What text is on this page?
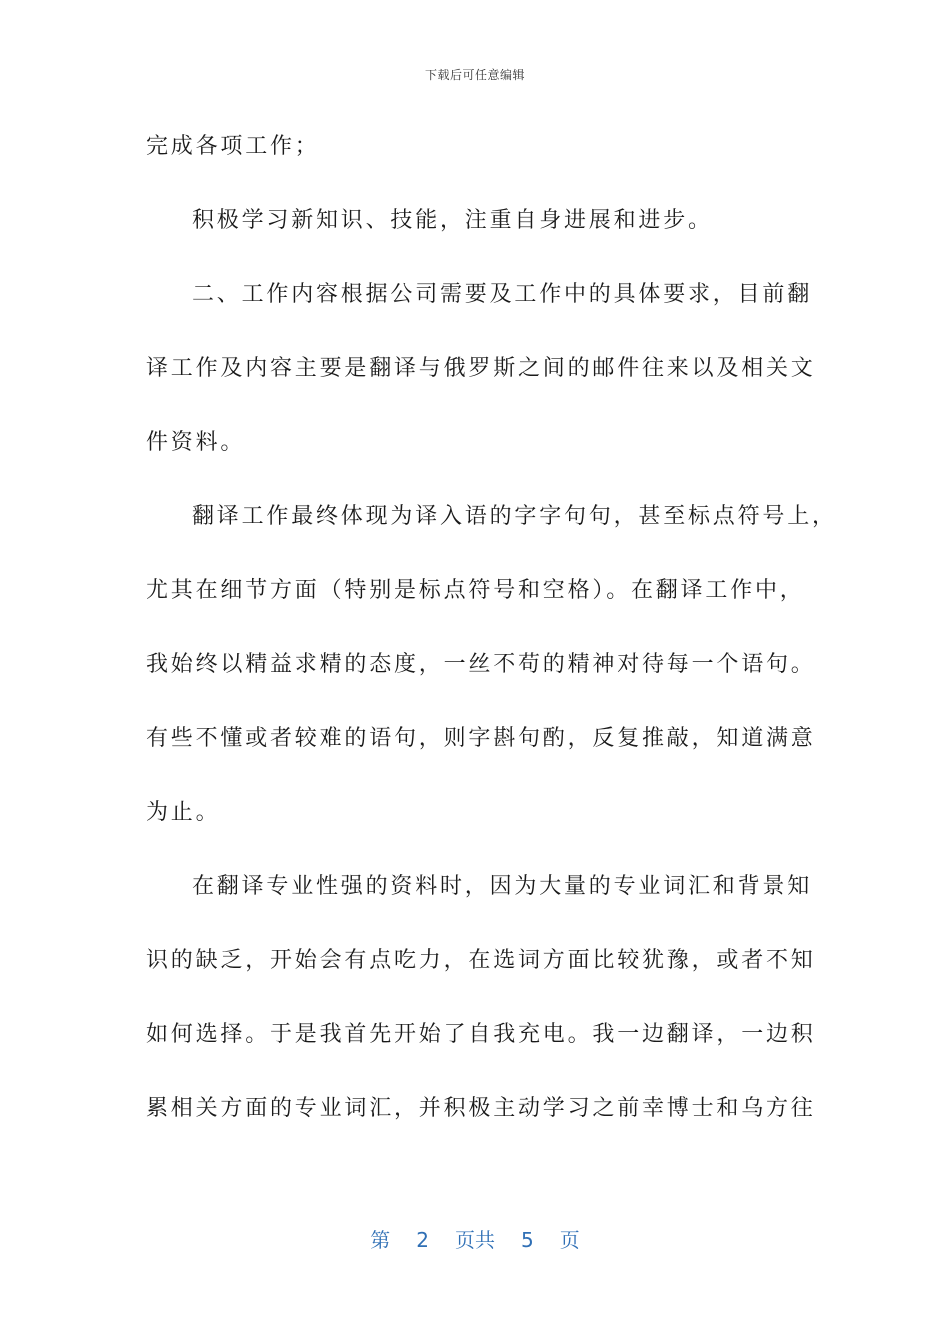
下载后可任意编辑
完成各项工作；
积极学习新知识、技能，注重自身进展和进步。
二、工作内容根据公司需要及工作中的具体要求，目前翻
译工作及内容主要是翻译与俄罗斯之间的邮件往来以及相关文
件资料。
翻译工作最终体现为译入语的字字句句，甚至标点符号上，
尤其在细节方面（特别是标点符号和空格）。在翻译工作中，
我始终以精益求精的态度，一丝不苟的精神对待每一个语句。
有些不懂或者较难的语句，则字斟句酌，反复推敲，知道满意
为止。
在翻译专业性强的资料时，因为大量的专业词汇和背景知
识的缺乏，开始会有点吃力，在选词方面比较犹豫，或者不知
如何选择。于是我首先开始了自我充电。我一边翻译，一边积
累相关方面的专业词汇，并积极主动学习之前幸博士和乌方往
第 2 页共 5 页
